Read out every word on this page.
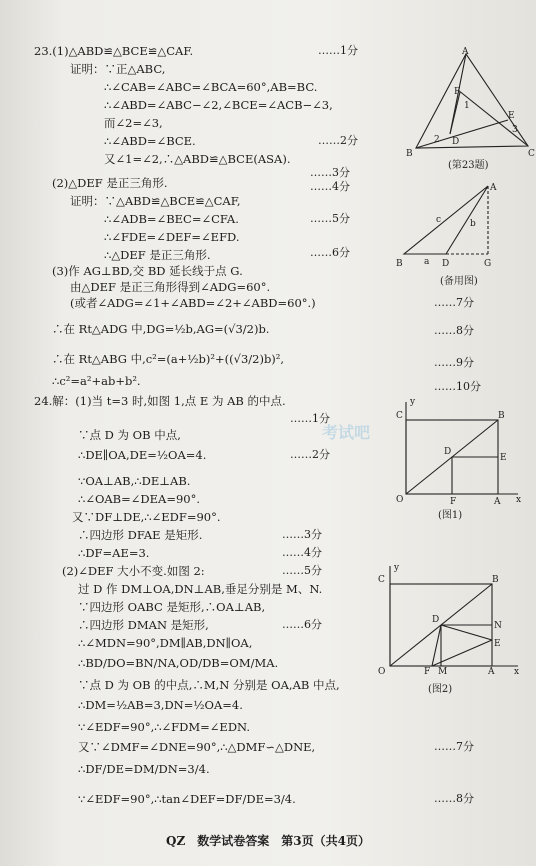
23.(1)△ABD≌△BCE≌△CAF.
证明：∵正△ABC,
∴∠CAB=∠ABC=∠BCA=60°,AB=BC.
∴∠ABD=∠ABC−∠2,∠BCE=∠ACB−∠3,
而∠2=∠3,
∴∠ABD=∠BCE.
又∠1=∠2,∴△ABD≌△BCE(ASA).
(2)△DEF 是正三角形.
证明：∵△ABD≌△BCE≌△CAF,
∴∠ADB=∠BEC=∠CFA.
∴∠FDE=∠DEF=∠EFD.
∴△DEF 是正三角形.
(3)作 AG⊥BD,交 BD 延长线于点 G.
由△DEF 是正三角形得到∠ADG=60°.
(或者∠ADG=∠1+∠ABD=∠2+∠ABD=60°.)
∴在 Rt△ADG 中,DG=½b,AG=(√3/2)b.
∴在 Rt△ABG 中,c²=(a+½b)²+((√3/2)b)²,
∴c²=a²+ab+b².
……1分
……2分
……3分
……4分
……5分
……6分
……7分
……8分
……9分
……10分
A
F
1
2 D
E
3
B	C
(第23题)
A
c	b
B a D	G
(备用图)
24.解：(1)当 t=3 时,如图 1,点 E 为 AB 的中点.
∵点 D 为 OB 中点,
∴DE∥OA,DE=½OA=4.
∵OA⊥AB,∴DE⊥AB.
∴∠OAB=∠DEA=90°.
又∵DF⊥DE,∴∠EDF=90°.
∴四边形 DFAE 是矩形.
∴DF=AE=3.
(2)∠DEF 大小不变.如图 2:
过 D 作 DM⊥OA,DN⊥AB,垂足分别是 M、N.
∵四边形 OABC 是矩形,∴OA⊥AB,
∴四边形 DMAN 是矩形,
∴∠MDN=90°,DM∥AB,DN∥OA,
∴BD/DO=BN/NA,OD/DB=OM/MA.
∵点 D 为 OB 的中点,∴M,N 分别是 OA,AB 中点,
∴DM=½AB=3,DN=½OA=4.
∵∠EDF=90°,∴∠FDM=∠EDN.
又∵∠DMF=∠DNE=90°,∴△DMF∽△DNE,
∴DF/DE=DM/DN=3/4.
∵∠EDF=90°,∴tan∠DEF=DF/DE=3/4.
……1分
……2分
……3分
……4分
……5分
……6分
……7分
……8分
y
C	B
D
E
O	F	A x
(图1)
y
C	B
D
N
E
O	F M	A x
(图2)
考试吧
QZ　数学试卷答案　第3页（共4页）
